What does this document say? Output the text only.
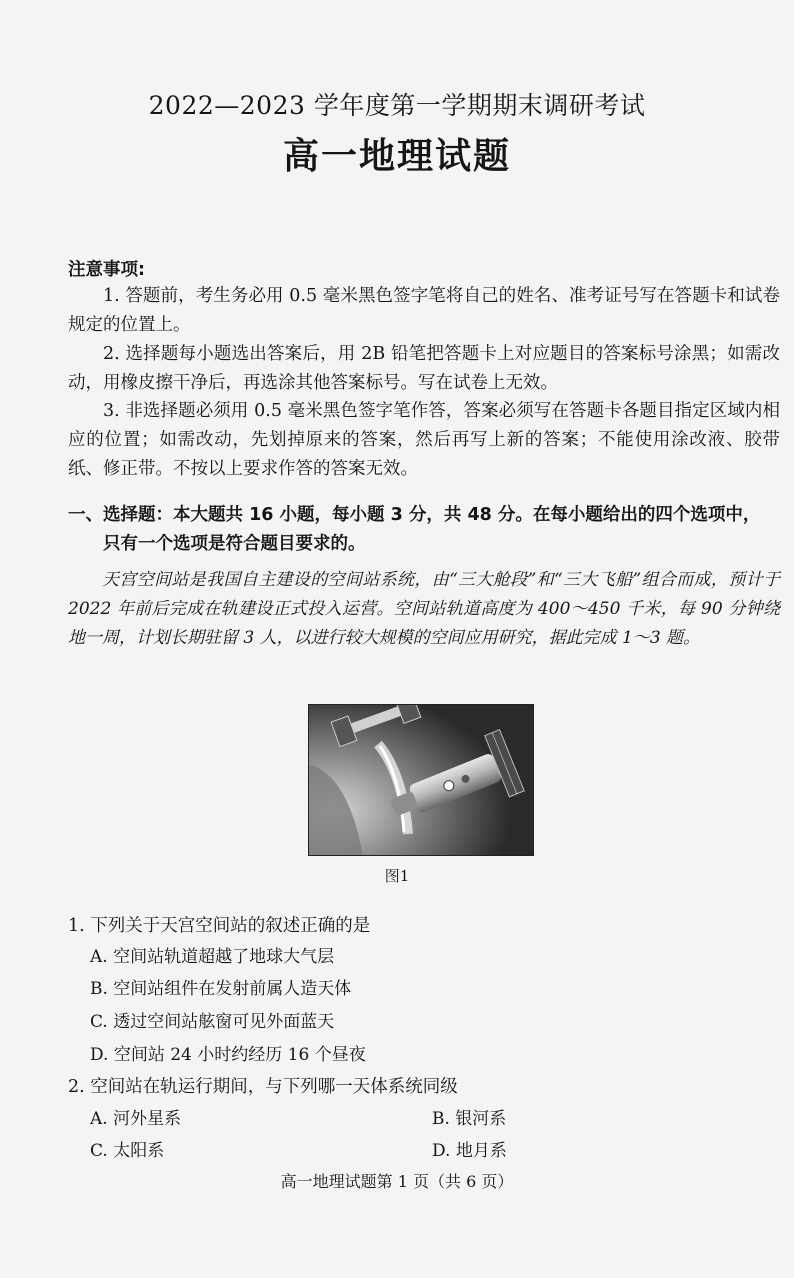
2022—2023 学年度第一学期期末调研考试
高一地理试题
注意事项:
1. 答题前，考生务必用 0.5 毫米黑色签字笔将自己的姓名、准考证号写在答题卡和试卷规定的位置上。
2. 选择题每小题选出答案后，用 2B 铅笔把答题卡上对应题目的答案标号涂黑；如需改动，用橡皮擦干净后，再选涂其他答案标号。写在试卷上无效。
3. 非选择题必须用 0.5 毫米黑色签字笔作答，答案必须写在答题卡各题目指定区域内相应的位置；如需改动，先划掉原来的答案，然后再写上新的答案；不能使用涂改液、胶带纸、修正带。不按以上要求作答的答案无效。
一、选择题：本大题共 16 小题，每小题 3 分，共 48 分。在每小题给出的四个选项中，
只有一个选项是符合题目要求的。
天宫空间站是我国自主建设的空间站系统，由“三大舱段”和“三大飞船”组合而成，预计于 2022 年前后完成在轨建设正式投入运营。空间站轨道高度为 400～450 千米，每 90 分钟绕地一周，计划长期驻留 3 人，以进行较大规模的空间应用研究，据此完成 1～3 题。
图1
1. 下列关于天宫空间站的叙述正确的是
A. 空间站轨道超越了地球大气层
B. 空间站组件在发射前属人造天体
C. 透过空间站舷窗可见外面蓝天
D. 空间站 24 小时约经历 16 个昼夜
2. 空间站在轨运行期间，与下列哪一天体系统同级
A. 河外星系	B. 银河系
C. 太阳系	D. 地月系
高一地理试题第 1 页（共 6 页）
